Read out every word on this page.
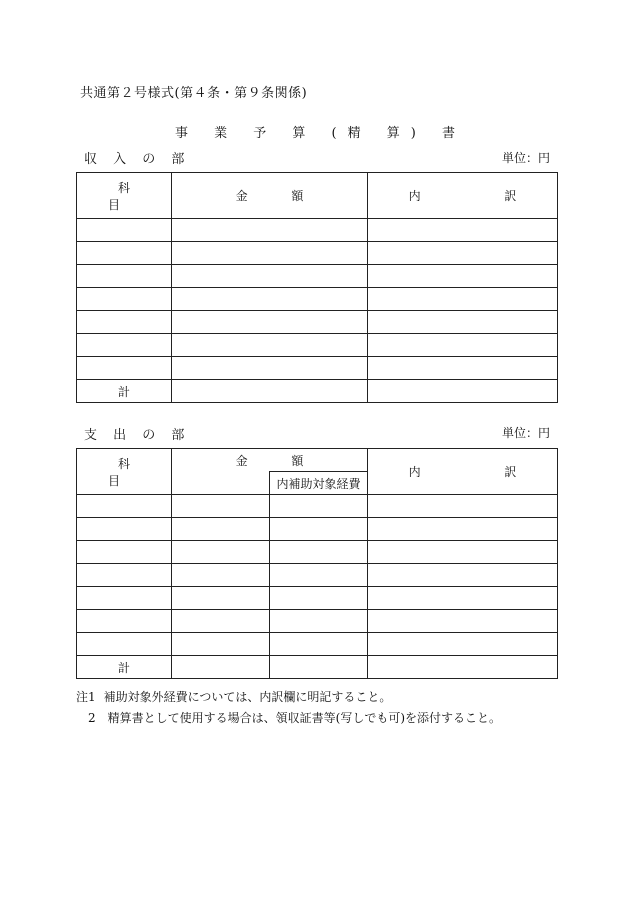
共通第２号様式(第４条・第９条関係)
事 業 予 算 (精 算) 書
収 入 の 部	単位：円
科 目	金 額	内 訳

計		
支 出 の 部	単位：円
科 目	金 額		内 訳
		内補助対象経費	

計			
注1 補助対象外経費については、内訳欄に明記すること。
2 精算書として使用する場合は、領収証書等(写しでも可)を添付すること。
